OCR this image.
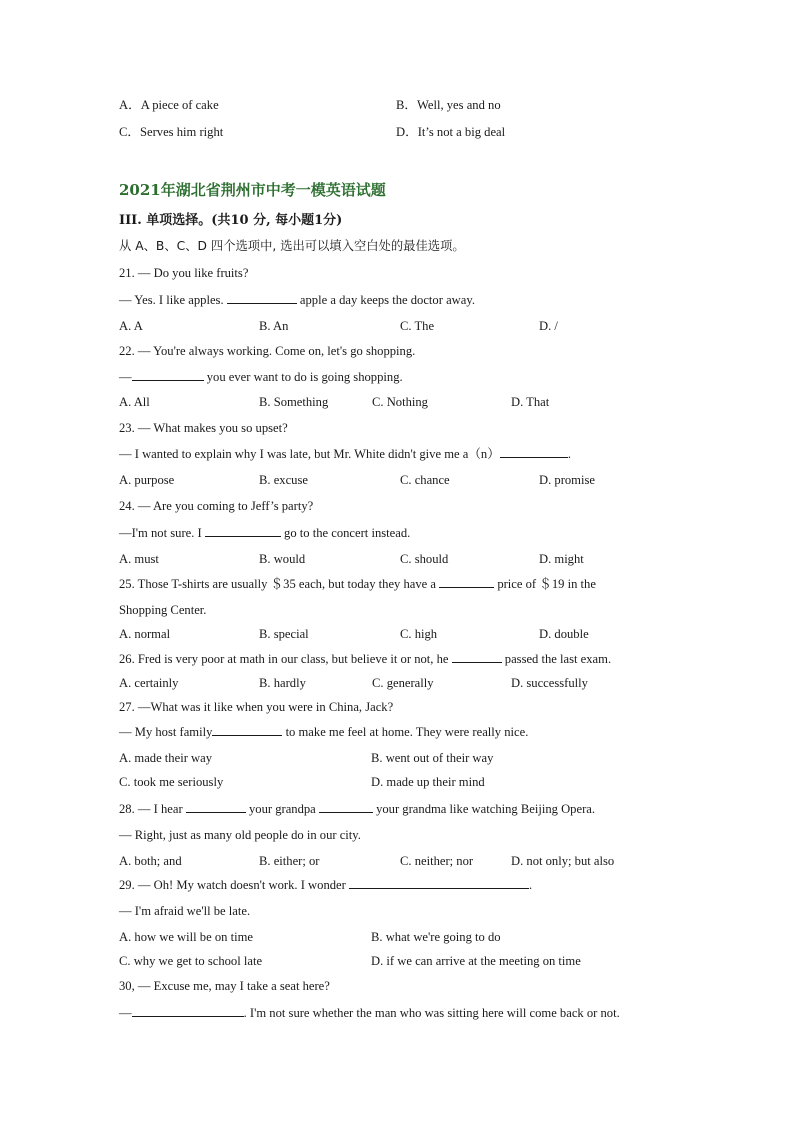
A．A piece of cake	B．Well, yes and no
C．Serves him right	D．It’s not a big deal
2021年湖北省荆州市中考一模英语试题
III. 单项选择。(共10 分, 每小题1分)
从 A、B、C、D 四个选项中, 选出可以填入空白处的最佳选项。
21. — Do you like fruits?
— Yes. I like apples.	apple a day keeps the doctor away.
A. A	B. An	C. The	D. /
22. — You're always working. Come on, let's go shopping.
—	you ever want to do is going shopping.
A. All	B. Something	C. Nothing	D. That
23. — What makes you so upset?
— I wanted to explain why I was late, but Mr. White didn't give me a（n）	.
A. purpose	B. excuse	C. chance	D. promise
24. — Are you coming to Jeff’s party?
—I'm not sure. I	go to the concert instead.
A. must	B. would	C. should	D. might
25. Those T-shirts are usually ＄35 each, but today they have a	price of ＄19 in the
Shopping Center.
A. normal	B. special	C. high	D. double
26. Fred is very poor at math in our class, but believe it or not, he	passed the last exam.
A. certainly	B. hardly	C. generally	D. successfully
27. —What was it like when you were in China, Jack?
— My host family	to make me feel at home. They were really nice.
A. made their way	B. went out of their way
C. took me seriously	D. made up their mind
28. — I hear	your grandpa	your grandma like watching Beijing Opera.
— Right, just as many old people do in our city.
A. both; and	B. either; or	C. neither; nor	D. not only; but also
29. — Oh! My watch doesn't work. I wonder	.
— I'm afraid we'll be late.
A. how we will be on time	B. what we're going to do
C. why we get to school late	D. if we can arrive at the meeting on time
30, — Excuse me, may I take a seat here?
—	. I'm not sure whether the man who was sitting here will come back or not.
